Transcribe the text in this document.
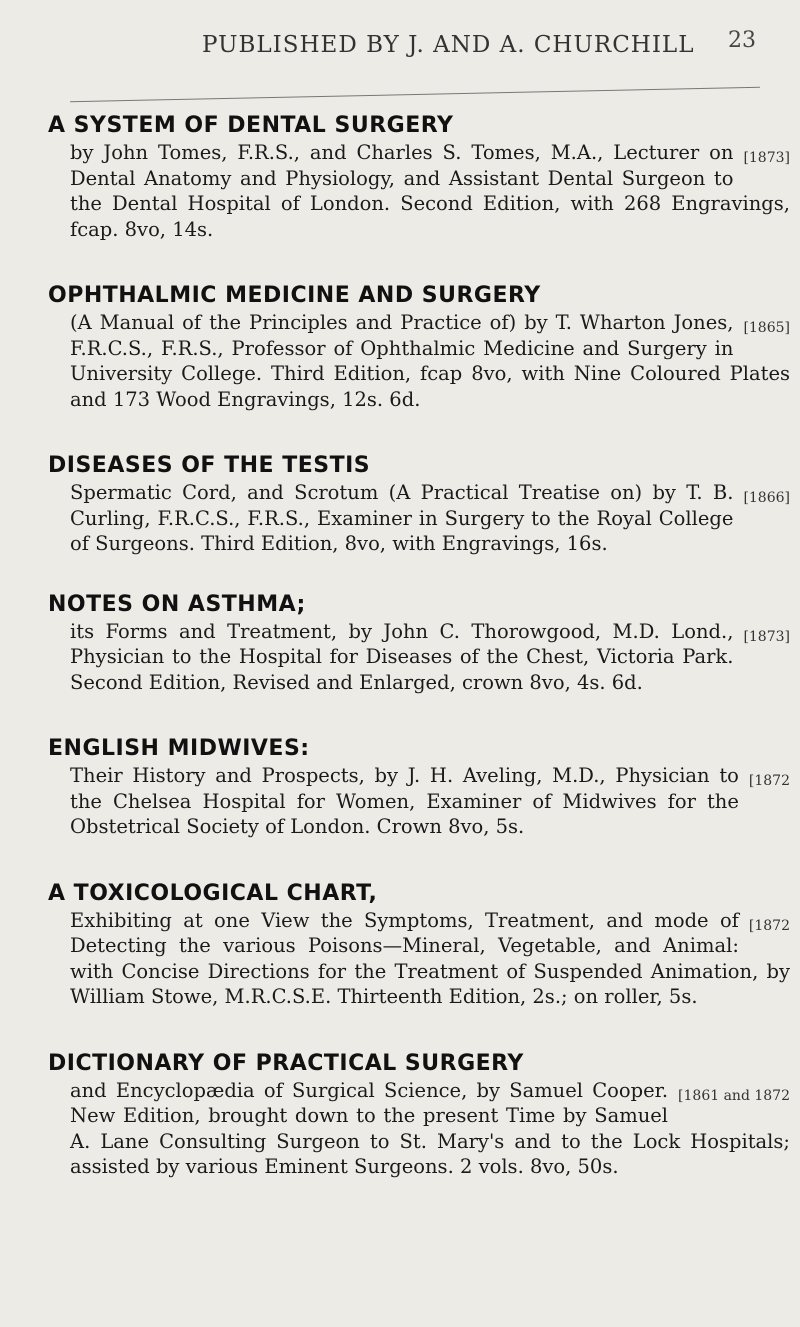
PUBLISHED BY J. AND A. CHURCHILL 23

A SYSTEM OF DENTAL SURGERY

[1873]
by John Tomes, F.R.S., and Charles S. Tomes, M.A., Lecturer on Dental Anatomy and Physiology, and Assistant Dental Surgeon to the Dental Hospital of London. Second Edition, with 268 Engravings, fcap. 8vo, 14s.

OPHTHALMIC MEDICINE AND SURGERY

[1865]
(A Manual of the Principles and Practice of) by T. Wharton Jones, F.R.C.S., F.R.S., Professor of Ophthalmic Medicine and Surgery in University College. Third Edition, fcap 8vo, with Nine Coloured Plates and 173 Wood Engravings, 12s. 6d.

DISEASES OF THE TESTIS

[1866]
Spermatic Cord, and Scrotum (A Practical Treatise on) by T. B. Curling, F.R.C.S., F.R.S., Examiner in Surgery to the Royal College of Surgeons. Third Edition, 8vo, with Engravings, 16s.

NOTES ON ASTHMA;

[1873]
its Forms and Treatment, by John C. Thorowgood, M.D. Lond., Physician to the Hospital for Diseases of the Chest, Victoria Park. Second Edition, Revised and Enlarged, crown 8vo, 4s. 6d.

ENGLISH MIDWIVES:

[1872
Their History and Prospects, by J. H. Aveling, M.D., Physician to the Chelsea Hospital for Women, Examiner of Midwives for the Obstetrical Society of London. Crown 8vo, 5s.

A TOXICOLOGICAL CHART,

[1872
Exhibiting at one View the Symptoms, Treatment, and mode of Detecting the various Poisons—Mineral, Vegetable, and Animal: with Concise Directions for the Treatment of Suspended Animation, by William Stowe, M.R.C.S.E. Thirteenth Edition, 2s.; on roller, 5s.

DICTIONARY OF PRACTICAL SURGERY

[1861 and 1872
and Encyclopædia of Surgical Science, by Samuel Cooper. New Edition, brought down to the present Time by Samuel A. Lane Consulting Surgeon to St. Mary's and to the Lock Hospitals; assisted by various Eminent Surgeons. 2 vols. 8vo, 50s.
